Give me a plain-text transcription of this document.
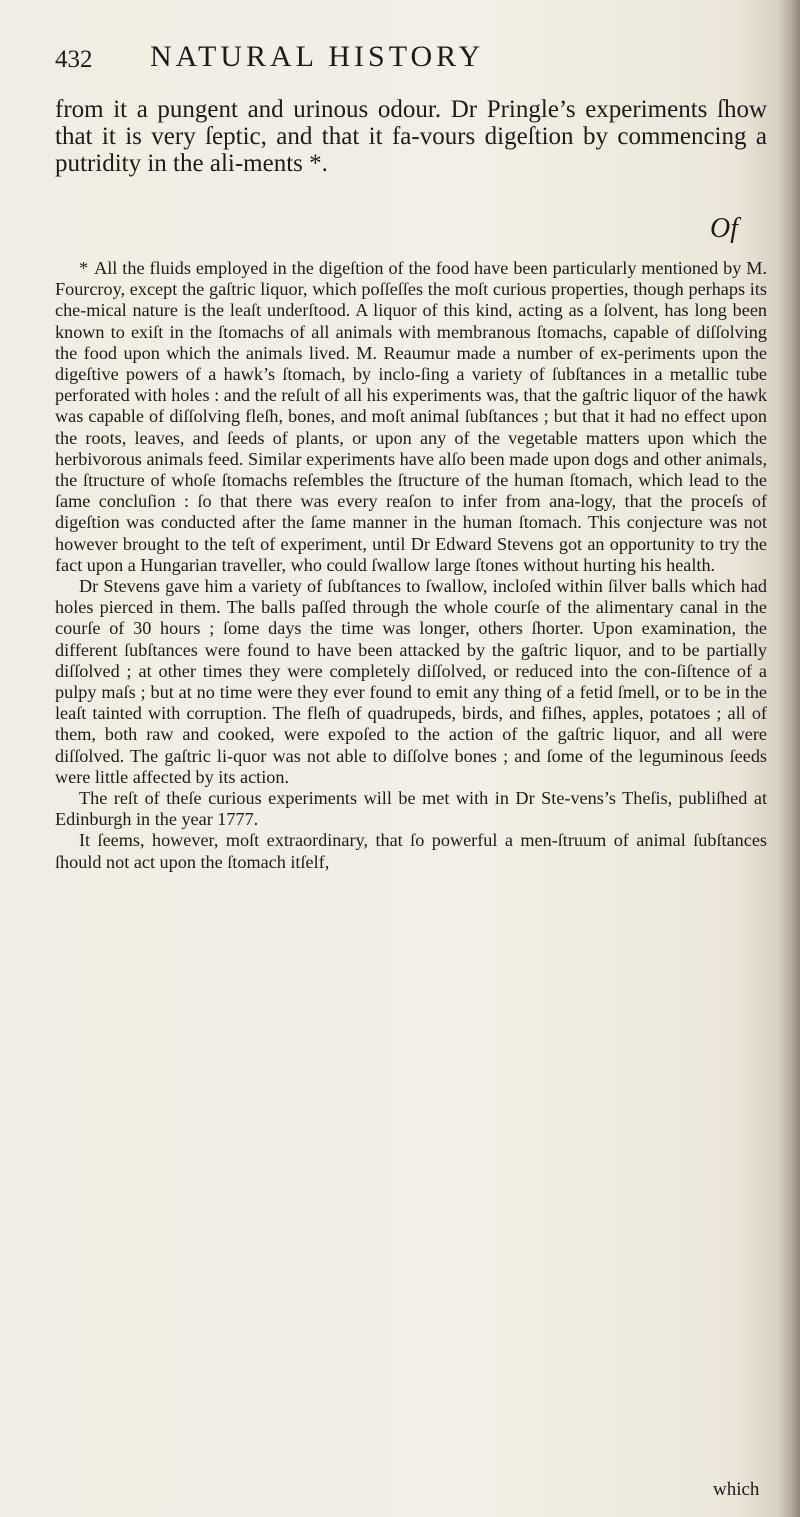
432 NATURAL HISTORY

from it a pungent and urinous odour. Dr Pringle’s experiments ſhow that it is very ſeptic, and that it fa-vours digeſtion by commencing a putridity in the ali-ments *.

Of

* All the fluids employed in the digeſtion of the food have been particularly mentioned by M. Fourcroy, except the gaſtric liquor, which poſſeſſes the moſt curious properties, though perhaps its che-mical nature is the leaſt underſtood. A liquor of this kind, acting as a ſolvent, has long been known to exiſt in the ſtomachs of all animals with membranous ſtomachs, capable of diſſolving the food upon which the animals lived. M. Reaumur made a number of ex-periments upon the digeſtive powers of a hawk’s ſtomach, by inclo-ſing a variety of ſubſtances in a metallic tube perforated with holes : and the reſult of all his experiments was, that the gaſtric liquor of the hawk was capable of diſſolving fleſh, bones, and moſt animal ſubſtances ; but that it had no effect upon the roots, leaves, and ſeeds of plants, or upon any of the vegetable matters upon which the herbivorous animals feed. Similar experiments have alſo been made upon dogs and other animals, the ſtructure of whoſe ſtomachs reſembles the ſtructure of the human ſtomach, which lead to the ſame concluſion : ſo that there was every reaſon to infer from ana-logy, that the proceſs of digeſtion was conducted after the ſame manner in the human ſtomach. This conjecture was not however brought to the teſt of experiment, until Dr Edward Stevens got an opportunity to try the fact upon a Hungarian traveller, who could ſwallow large ſtones without hurting his health.

Dr Stevens gave him a variety of ſubſtances to ſwallow, incloſed within ſilver balls which had holes pierced in them. The balls paſſed through the whole courſe of the alimentary canal in the courſe of 30 hours ; ſome days the time was longer, others ſhorter. Upon examination, the different ſubſtances were found to have been attacked by the gaſtric liquor, and to be partially diſſolved ; at other times they were completely diſſolved, or reduced into the con-ſiſtence of a pulpy maſs ; but at no time were they ever found to emit any thing of a fetid ſmell, or to be in the leaſt tainted with corruption. The fleſh of quadrupeds, birds, and fiſhes, apples, potatoes ; all of them, both raw and cooked, were expoſed to the action of the gaſtric liquor, and all were diſſolved. The gaſtric li-quor was not able to diſſolve bones ; and ſome of the leguminous ſeeds were little affected by its action.

The reſt of theſe curious experiments will be met with in Dr Ste-vens’s Theſis, publiſhed at Edinburgh in the year 1777.

It ſeems, however, moſt extraordinary, that ſo powerful a men-ſtruum of animal ſubſtances ſhould not act upon the ſtomach itſelf,

which
